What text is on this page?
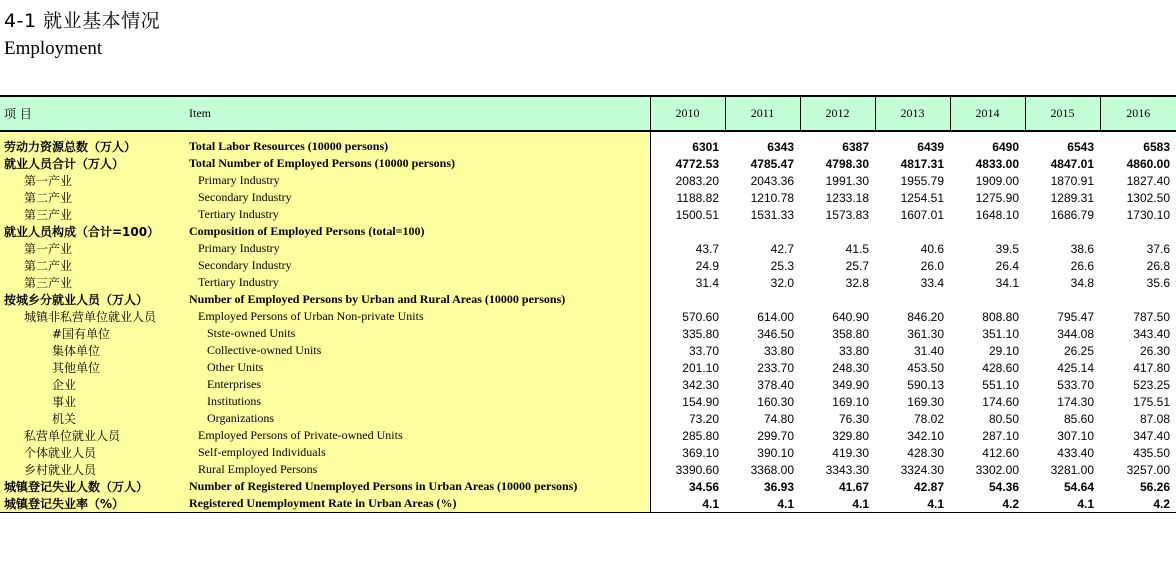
4-1 就业基本情况
Employment
项 目	Item	2010	2011	2012	2013	2014	2015	2016

劳动力资源总数（万人）	Total Labor Resources (10000 persons)	6301	6343	6387	6439	6490	6543	6583
就业人员合计（万人）	Total Number of Employed Persons (10000 persons)	4772.53	4785.47	4798.30	4817.31	4833.00	4847.01	4860.00
第一产业	Primary Industry	2083.20	2043.36	1991.30	1955.79	1909.00	1870.91	1827.40
第二产业	Secondary Industry	1188.82	1210.78	1233.18	1254.51	1275.90	1289.31	1302.50
第三产业	Tertiary Industry	1500.51	1531.33	1573.83	1607.01	1648.10	1686.79	1730.10
就业人员构成（合计=100）	Composition of Employed Persons (total=100)							
第一产业	Primary Industry	43.7	42.7	41.5	40.6	39.5	38.6	37.6
第二产业	Secondary Industry	24.9	25.3	25.7	26.0	26.4	26.6	26.8
第三产业	Tertiary Industry	31.4	32.0	32.8	33.4	34.1	34.8	35.6
按城乡分就业人员（万人）	Number of Employed Persons by Urban and Rural Areas (10000 persons)							
城镇非私营单位就业人员	Employed Persons of Urban Non-private Units	570.60	614.00	640.90	846.20	808.80	795.47	787.50
#国有单位	Stste-owned Units	335.80	346.50	358.80	361.30	351.10	344.08	343.40
集体单位	Collective-owned Units	33.70	33.80	33.80	31.40	29.10	26.25	26.30
其他单位	Other Units	201.10	233.70	248.30	453.50	428.60	425.14	417.80
企业	Enterprises	342.30	378.40	349.90	590.13	551.10	533.70	523.25
事业	Institutions	154.90	160.30	169.10	169.30	174.60	174.30	175.51
机关	Organizations	73.20	74.80	76.30	78.02	80.50	85.60	87.08
私营单位就业人员	Employed Persons of Private-owned Units	285.80	299.70	329.80	342.10	287.10	307.10	347.40
个体就业人员	Self-employed Individuals	369.10	390.10	419.30	428.30	412.60	433.40	435.50
乡村就业人员	Rural Employed Persons	3390.60	3368.00	3343.30	3324.30	3302.00	3281.00	3257.00
城镇登记失业人数（万人）	Number of Registered Unemployed Persons in Urban Areas (10000 persons)	34.56	36.93	41.67	42.87	54.36	54.64	56.26
城镇登记失业率（%）	Registered Unemployment Rate in Urban Areas (%)	4.1	4.1	4.1	4.1	4.2	4.1	4.2
